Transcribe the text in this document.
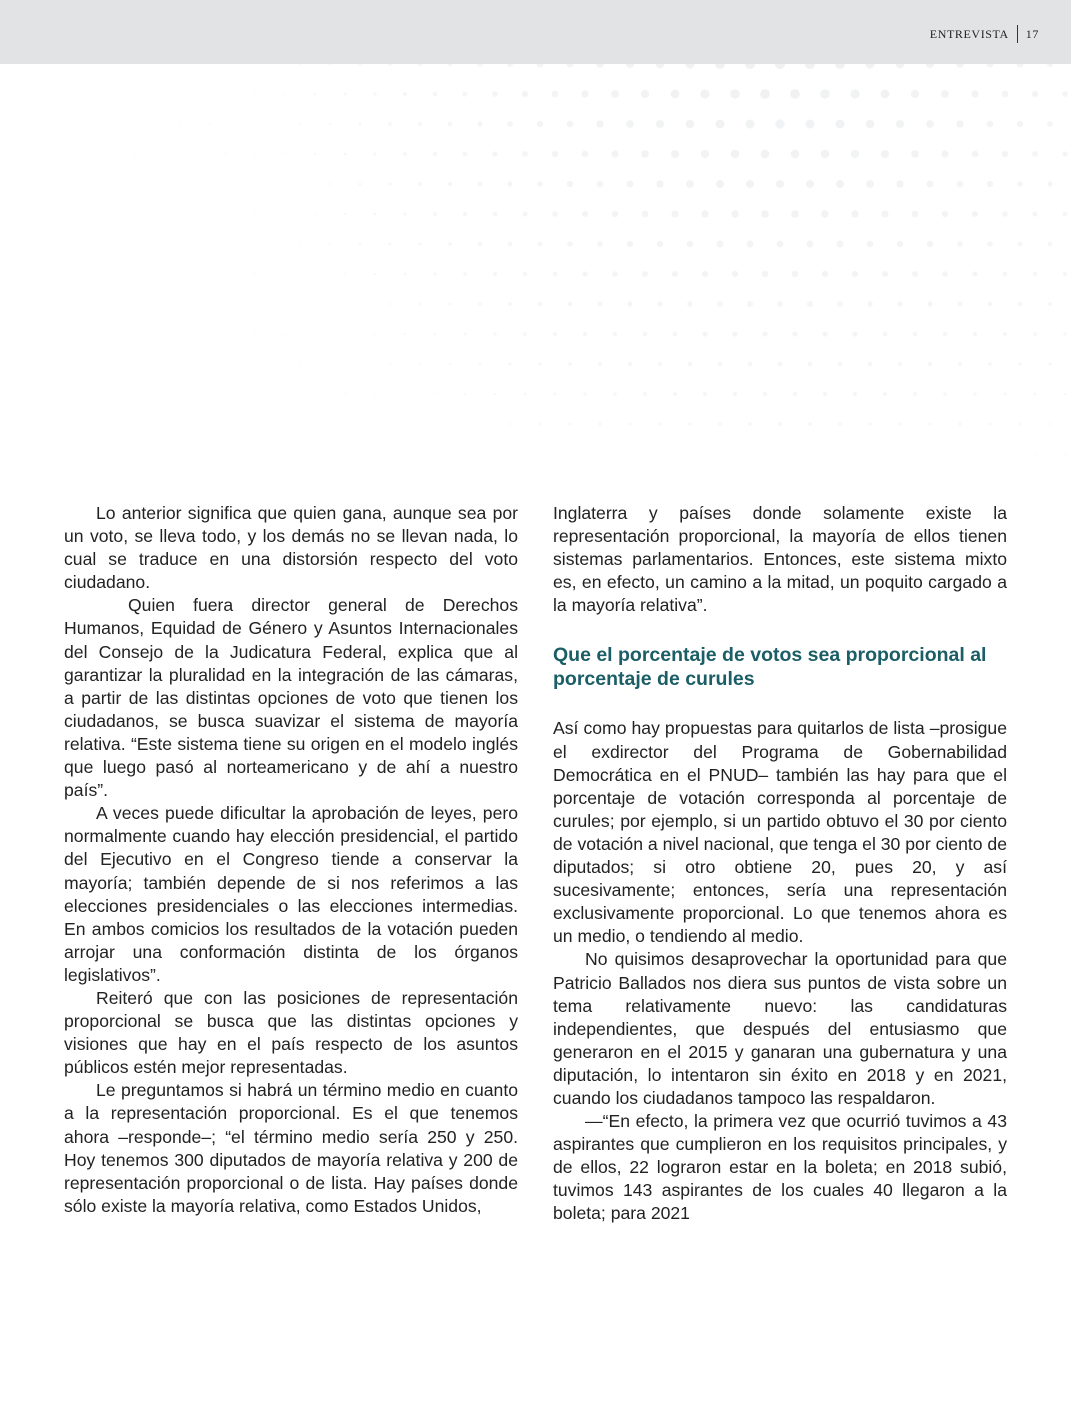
ENTREVISTA 17

Lo anterior significa que quien gana, aunque sea por un voto, se lleva todo, y los demás no se llevan nada, lo cual se traduce en una distorsión respecto del voto ciudadano.

Quien fuera director general de Derechos Humanos, Equidad de Género y Asuntos Internacionales del Consejo de la Judicatura Federal, explica que al garantizar la pluralidad en la integración de las cámaras, a partir de las distintas opciones de voto que tienen los ciudadanos, se busca suavizar el sistema de mayoría relativa. “Este sistema tiene su origen en el modelo inglés que luego pasó al norteamericano y de ahí a nuestro país”.

A veces puede dificultar la aprobación de leyes, pero normalmente cuando hay elección presidencial, el partido del Ejecutivo en el Congreso tiende a conservar la mayoría; también depende de si nos referimos a las elecciones presidenciales o las elecciones intermedias. En ambos comicios los resultados de la votación pueden arrojar una conformación distinta de los órganos legislativos”.

Reiteró que con las posiciones de representación proporcional se busca que las distintas opciones y visiones que hay en el país respecto de los asuntos públicos estén mejor representadas.

Le preguntamos si habrá un término medio en cuanto a la representación proporcional. Es el que tenemos ahora –responde–; “el término medio sería 250 y 250. Hoy tenemos 300 diputados de mayoría relativa y 200 de representación proporcional o de lista. Hay países donde sólo existe la mayoría relativa, como Estados Unidos,

Inglaterra y países donde solamente existe la representación proporcional, la mayoría de ellos tienen sistemas parlamentarios. Entonces, este sistema mixto es, en efecto, un camino a la mitad, un poquito cargado a la mayoría relativa”.

Que el porcentaje de votos sea proporcional al porcentaje de curules

Así como hay propuestas para quitarlos de lista –prosigue el exdirector del Programa de Gobernabilidad Democrática en el PNUD– también las hay para que el porcentaje de votación corresponda al porcentaje de curules; por ejemplo, si un partido obtuvo el 30 por ciento de votación a nivel nacional, que tenga el 30 por ciento de diputados; si otro obtiene 20, pues 20, y así sucesivamente; entonces, sería una representación exclusivamente proporcional. Lo que tenemos ahora es un medio, o tendiendo al medio.

No quisimos desaprovechar la oportunidad para que Patricio Ballados nos diera sus puntos de vista sobre un tema relativamente nuevo: las candidaturas independientes, que después del entusiasmo que generaron en el 2015 y ganaran una gubernatura y una diputación, lo intentaron sin éxito en 2018 y en 2021, cuando los ciudadanos tampoco las respaldaron.

—“En efecto, la primera vez que ocurrió tuvimos a 43 aspirantes que cumplieron en los requisitos principales, y de ellos, 22 lograron estar en la boleta; en 2018 subió, tuvimos 143 aspirantes de los cuales 40 llegaron a la boleta; para 2021
